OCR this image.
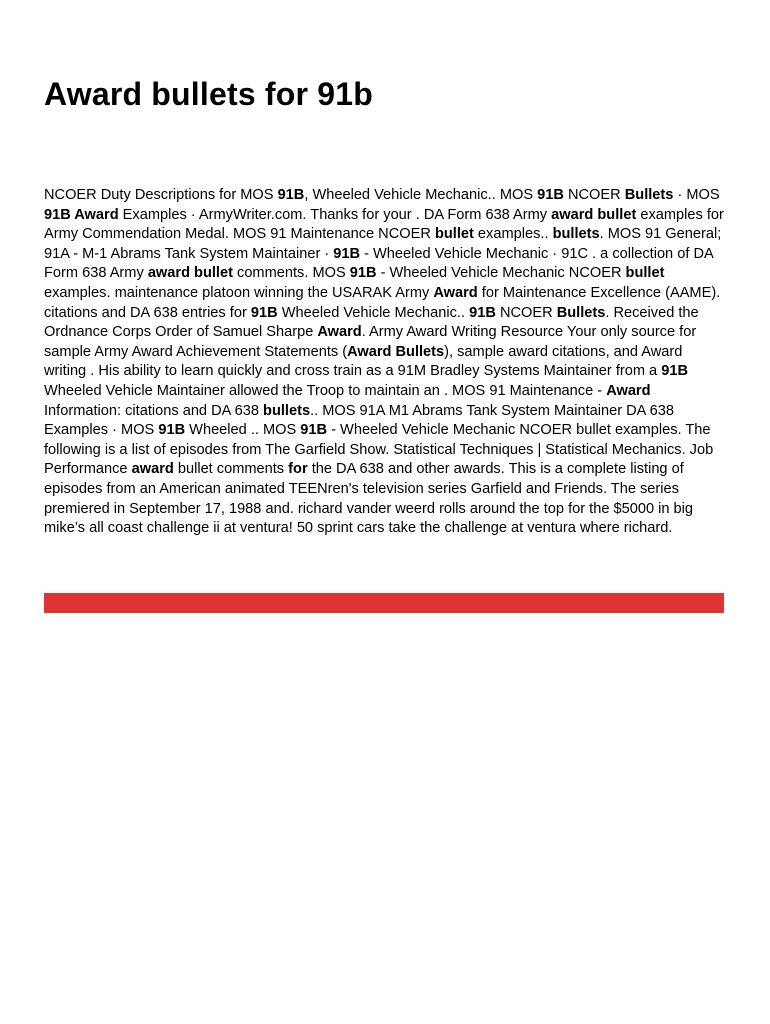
Award bullets for 91b

NCOER Duty Descriptions for MOS 91B, Wheeled Vehicle Mechanic.. MOS 91B NCOER Bullets · MOS 91B Award Examples · ArmyWriter.com. Thanks for your . DA Form 638 Army award bullet examples for Army Commendation Medal. MOS 91 Maintenance NCOER bullet examples.. bullets. MOS 91 General; 91A - M-1 Abrams Tank System Maintainer · 91B - Wheeled Vehicle Mechanic · 91C . a collection of DA Form 638 Army award bullet comments. MOS 91B - Wheeled Vehicle Mechanic NCOER bullet examples. maintenance platoon winning the USARAK Army Award for Maintenance Excellence (AAME). citations and DA 638 entries for 91B Wheeled Vehicle Mechanic.. 91B NCOER Bullets. Received the Ordnance Corps Order of Samuel Sharpe Award. Army Award Writing Resource Your only source for sample Army Award Achievement Statements (Award Bullets), sample award citations, and Award writing . His ability to learn quickly and cross train as a 91M Bradley Systems Maintainer from a 91B Wheeled Vehicle Maintainer allowed the Troop to maintain an . MOS 91 Maintenance - Award Information: citations and DA 638 bullets.. MOS 91A M1 Abrams Tank System Maintainer DA 638 Examples · MOS 91B Wheeled .. MOS 91B - Wheeled Vehicle Mechanic NCOER bullet examples. The following is a list of episodes from The Garfield Show. Statistical Techniques | Statistical Mechanics. Job Performance award bullet comments for the DA 638 and other awards. This is a complete listing of episodes from an American animated TEENren's television series Garfield and Friends. The series premiered in September 17, 1988 and. richard vander weerd rolls around the top for the $5000 in big mike’s all coast challenge ii at ventura! 50 sprint cars take the challenge at ventura where richard.
